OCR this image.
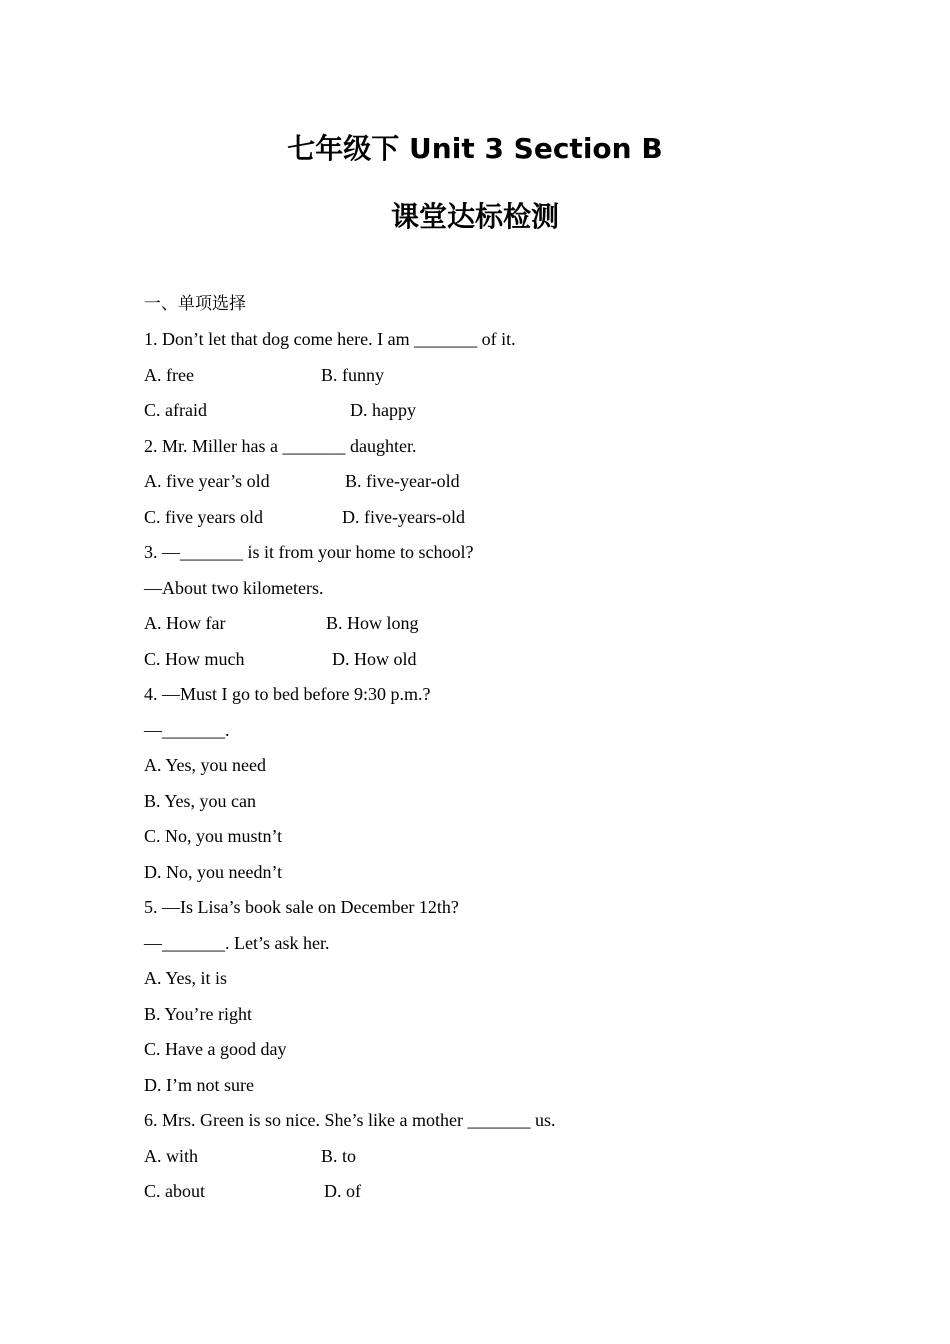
七年级下 Unit 3 Section B
课堂达标检测
一、单项选择
1. Don’t let that dog come here. I am _______ of it.

A. free

	B. funny

C. afraid

	D. happy

2. Mr. Miller has a _______ daughter.

A. five year’s old

	B. five-year-old

C. five years old

	D. five-years-old

3. —_______ is it from your home to school?
—About two kilometers.

A. How far

	B. How long

C. How much

	D. How old

4. —Must I go to bed before 9:30 p.m.?
—_______.
A. Yes, you need
B. Yes, you can
C. No, you mustn’t
D. No, you needn’t
5. —Is Lisa’s book sale on December 12th?
—_______. Let’s ask her.
A. Yes, it is
B. You’re right
C. Have a good day
D. I’m not sure
6. Mrs. Green is so nice. She’s like a mother _______ us.

A. with

	B. to

C. about

	D. of
